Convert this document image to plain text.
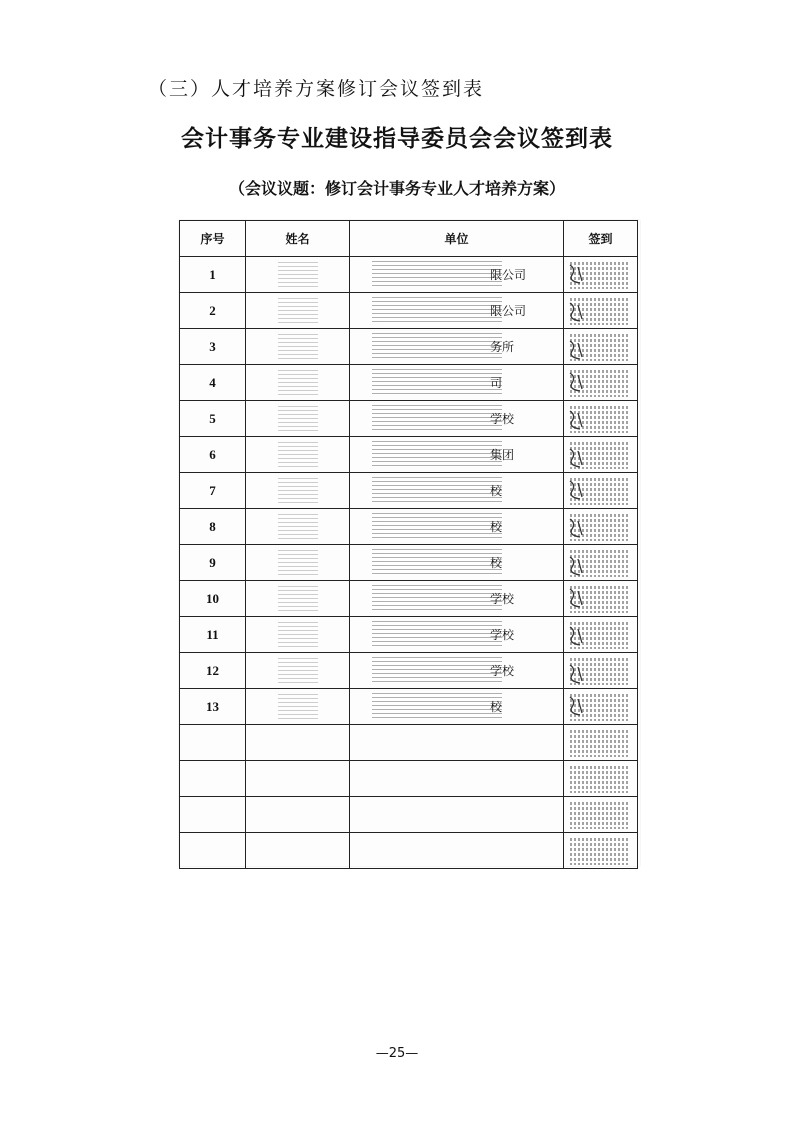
（三）人才培养方案修订会议签到表
会计事务专业建设指导委员会会议签到表
（会议议题：修订会计事务专业人才培养方案）
序号	姓名	单位	签到
1		限公司

2		限公司

3		务所

4		司

5		学校

6		集团

7		校

8		校

9		校

10		学校

11		学校

12		学校

13		校

—25—
